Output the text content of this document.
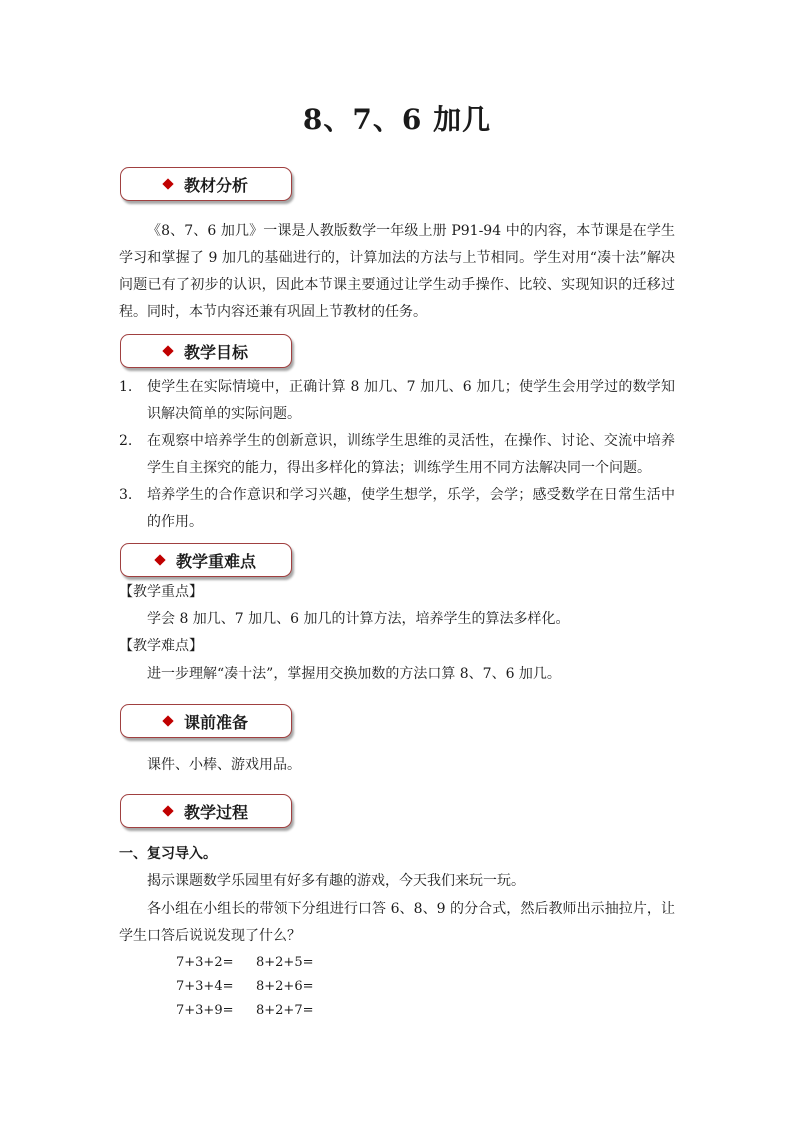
8、7、6 加几
教材分析
《8、7、6 加几》一课是人教版数学一年级上册 P91-94 中的内容，本节课是在学生学习和掌握了 9 加几的基础进行的，计算加法的方法与上节相同。学生对用“凑十法”解决问题已有了初步的认识，因此本节课主要通过让学生动手操作、比较、实现知识的迁移过程。同时，本节内容还兼有巩固上节教材的任务。
教学目标
1.	使学生在实际情境中，正确计算 8 加几、7 加几、6 加几；使学生会用学过的数学知识解决简单的实际问题。
2.	在观察中培养学生的创新意识，训练学生思维的灵活性，在操作、讨论、交流中培养学生自主探究的能力，得出多样化的算法；训练学生用不同方法解决同一个问题。
3.	培养学生的合作意识和学习兴趣，使学生想学，乐学，会学；感受数学在日常生活中的作用。
教学重难点
【教学重点】
学会 8 加几、7 加几、6 加几的计算方法，培养学生的算法多样化。
【教学难点】
进一步理解“凑十法”，掌握用交换加数的方法口算 8、7、6 加几。
课前准备
课件、小棒、游戏用品。
教学过程
一、复习导入。
揭示课题数学乐园里有好多有趣的游戏，今天我们来玩一玩。
各小组在小组长的带领下分组进行口答 6、8、9 的分合式，然后教师出示抽拉片，让学生口答后说说发现了什么？
7+3+2= 8+2+5=
7+3+4= 8+2+6=
7+3+9= 8+2+7=
